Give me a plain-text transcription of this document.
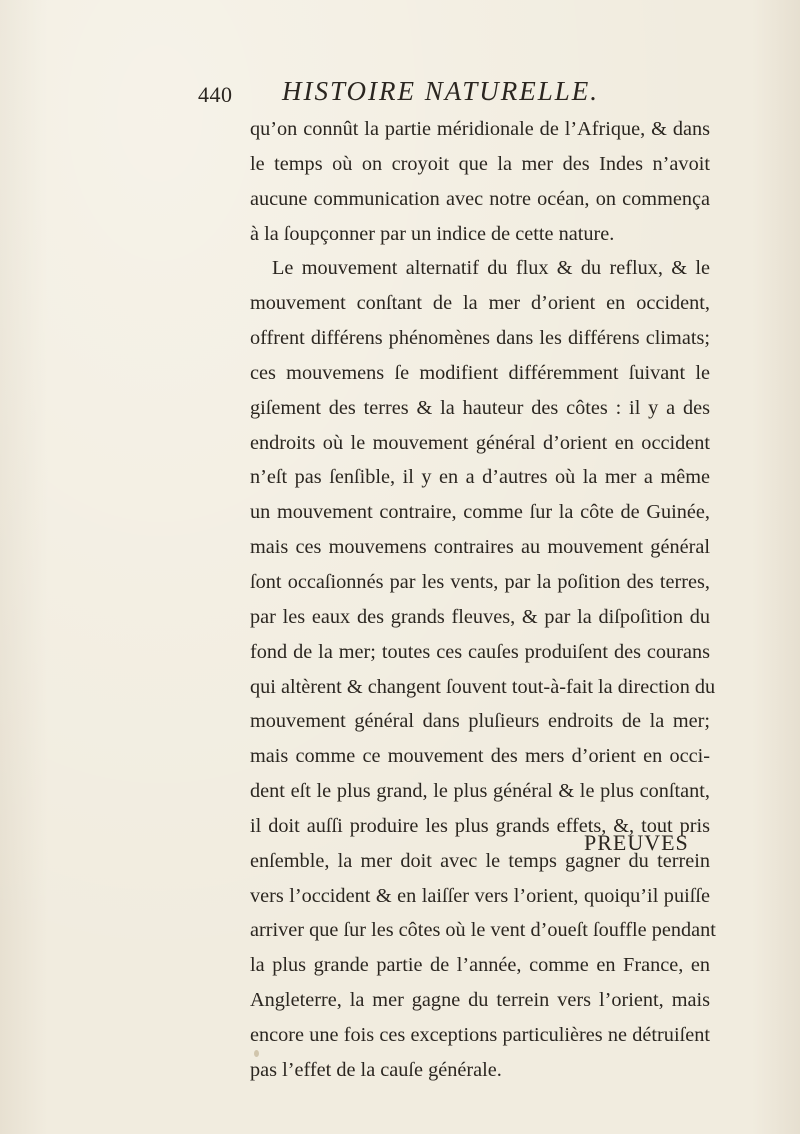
440 HISTOIRE NATURELLE.
qu’on connût la partie méridionale de l’Afrique, & dans
le temps où on croyoit que la mer des Indes n’avoit
aucune communication avec notre océan, on commença
à la ſoupçonner par un indice de cette nature.
Le mouvement alternatif du flux & du reflux, & le
mouvement conſtant de la mer d’orient en occident,
offrent différens phénomènes dans les différens climats;
ces mouvemens ſe modifient différemment ſuivant le
giſement des terres & la hauteur des côtes : il y a des
endroits où le mouvement général d’orient en occident
n’eſt pas ſenſible, il y en a d’autres où la mer a même
un mouvement contraire, comme ſur la côte de Guinée,
mais ces mouvemens contraires au mouvement général
ſont occaſionnés par les vents, par la poſition des terres,
par les eaux des grands fleuves, & par la diſpoſition du
fond de la mer; toutes ces cauſes produiſent des courans
qui altèrent & changent ſouvent tout-à-fait la direction du
mouvement général dans pluſieurs endroits de la mer;
mais comme ce mouvement des mers d’orient en occi-
dent eſt le plus grand, le plus général & le plus conſtant,
il doit auſſi produire les plus grands effets, &, tout pris
enſemble, la mer doit avec le temps gagner du terrein
vers l’occident & en laiſſer vers l’orient, quoiqu’il puiſſe
arriver que ſur les côtes où le vent d’oueſt ſouffle pendant
la plus grande partie de l’année, comme en France, en
Angleterre, la mer gagne du terrein vers l’orient, mais
encore une fois ces exceptions particulières ne détruiſent
pas l’effet de la cauſe générale.
PREUVES
